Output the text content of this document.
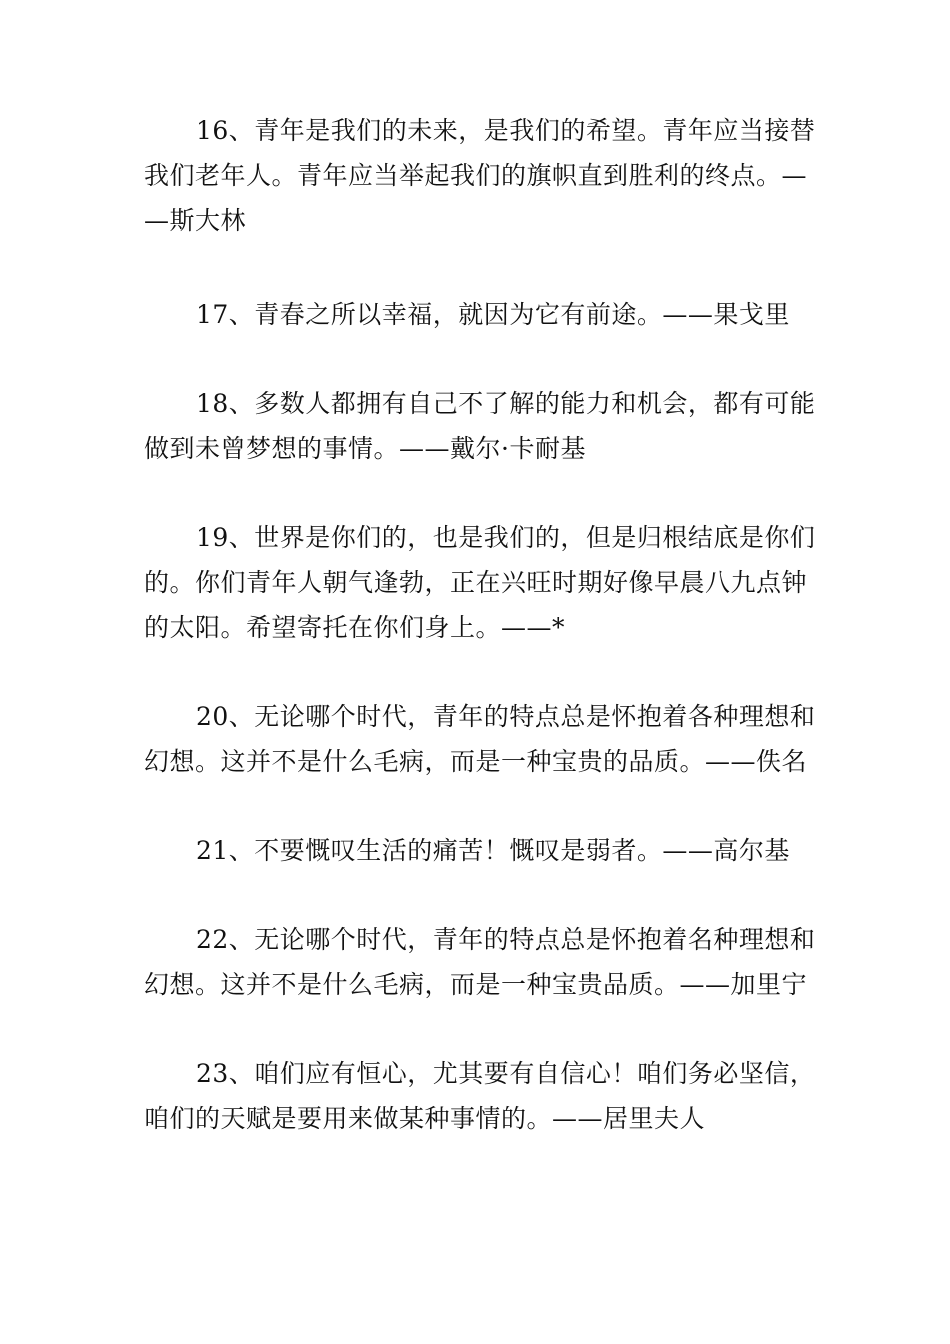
16、青年是我们的未来，是我们的希望。青年应当接替
我们老年人。青年应当举起我们的旗帜直到胜利的终点。—
—斯大林

17、青春之所以幸福，就因为它有前途。——果戈里

18、多数人都拥有自己不了解的能力和机会，都有可能
做到未曾梦想的事情。——戴尔·卡耐基

19、世界是你们的，也是我们的，但是归根结底是你们
的。你们青年人朝气逢勃，正在兴旺时期好像早晨八九点钟
的太阳。希望寄托在你们身上。——*

20、无论哪个时代，青年的特点总是怀抱着各种理想和
幻想。这并不是什么毛病，而是一种宝贵的品质。——佚名

21、不要慨叹生活的痛苦！慨叹是弱者。——高尔基

22、无论哪个时代，青年的特点总是怀抱着名种理想和
幻想。这并不是什么毛病，而是一种宝贵品质。——加里宁

23、咱们应有恒心，尤其要有自信心！咱们务必坚信，
咱们的天赋是要用来做某种事情的。——居里夫人
